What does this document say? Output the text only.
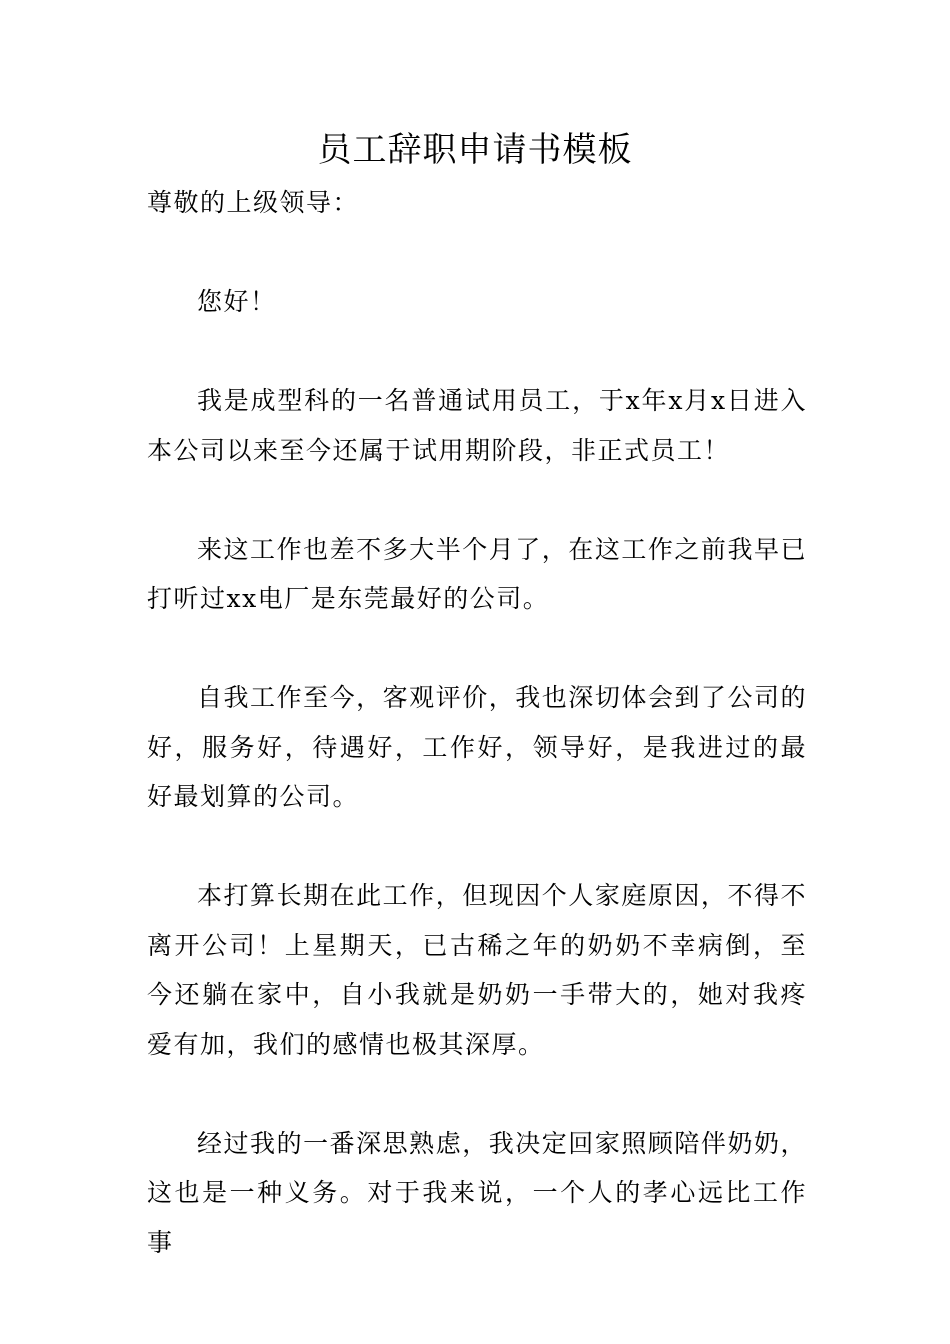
员工辞职申请书模板

尊敬的上级领导：

您好！

我是成型科的一名普通试用员工，于x年x月x日进入本公司以来至今还属于试用期阶段，非正式员工！

来这工作也差不多大半个月了，在这工作之前我早已打听过xx电厂是东莞最好的公司。

自我工作至今，客观评价，我也深切体会到了公司的好，服务好，待遇好，工作好，领导好，是我进过的最好最划算的公司。

本打算长期在此工作，但现因个人家庭原因，不得不离开公司！上星期天，已古稀之年的奶奶不幸病倒，至今还躺在家中，自小我就是奶奶一手带大的，她对我疼爱有加，我们的感情也极其深厚。

经过我的一番深思熟虑，我决定回家照顾陪伴奶奶，这也是一种义务。对于我来说，一个人的孝心远比工作事
